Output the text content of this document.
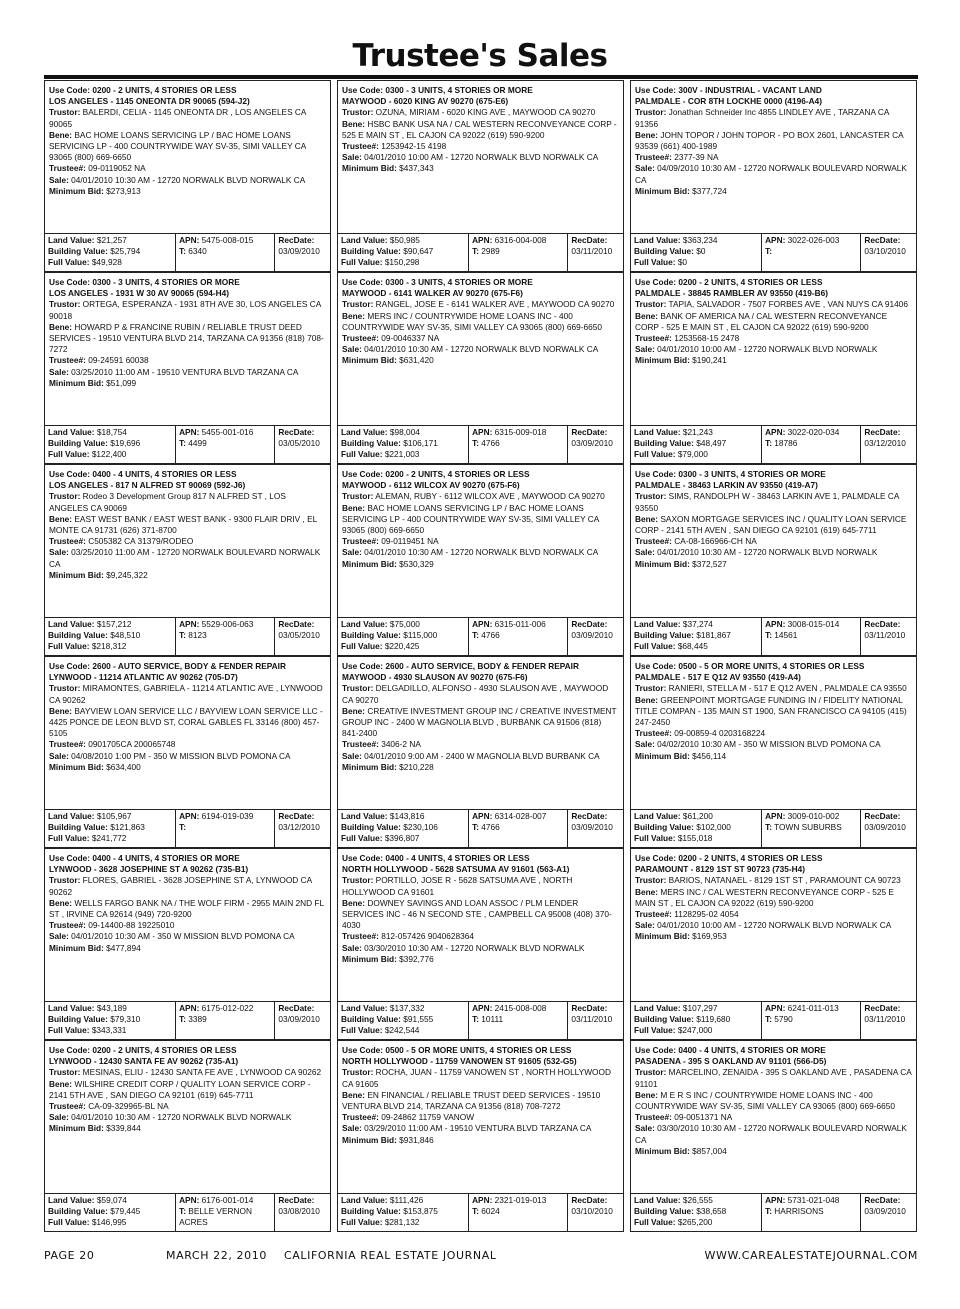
Trustee's Sales
Use Code: 0200 - 2 UNITS, 4 STORIES OR LESS
LOS ANGELES - 1145 ONEONTA DR 90065 (594-J2)
Trustor: BALERDI, CELIA - 1145 ONEONTA DR , LOS ANGELES CA 90065
Bene: BAC HOME LOANS SERVICING LP / BAC HOME LOANS SERVICING LP - 400 COUNTRYWIDE WAY SV-35, SIMI VALLEY CA 93065 (800) 669-6650
Trustee#: 09-0119052 NA
Sale: 04/01/2010 10:30 AM - 12720 NORWALK BLVD NORWALK CA
Minimum Bid: $273,913
Land Value: $21,257
Building Value: $25,794
Full Value: $49,928
APN: 5475-008-015
T: 6340
RecDate:
03/09/2010
Use Code: 0300 - 3 UNITS, 4 STORIES OR MORE
MAYWOOD - 6020 KING AV 90270 (675-E6)
Trustor: OZUNA, MIRIAM - 6020 KING AVE , MAYWOOD CA 90270
Bene: HSBC BANK USA NA / CAL WESTERN RECONVEYANCE CORP - 525 E MAIN ST , EL CAJON CA 92022 (619) 590-9200
Trustee#: 1253942-15 4198
Sale: 04/01/2010 10:00 AM - 12720 NORWALK BLVD NORWALK CA
Minimum Bid: $437,343
Land Value: $50,985
Building Value: $90,647
Full Value: $150,298
APN: 6316-004-008
T: 2989
RecDate:
03/11/2010
Use Code: 300V - INDUSTRIAL - VACANT LAND
PALMDALE - COR 8TH LOCKHE 0000 (4196-A4)
Trustor: Jonathan Schneider Inc 4855 LINDLEY AVE , TARZANA CA 91356
Bene: JOHN TOPOR / JOHN TOPOR - PO BOX 2601, LANCASTER CA 93539 (661) 400-1989
Trustee#: 2377-39 NA
Sale: 04/09/2010 10:30 AM - 12720 NORWALK BOULEVARD NORWALK CA
Minimum Bid: $377,724
Land Value: $363,234
Building Value: $0
Full Value: $0
APN: 3022-026-003
T:
RecDate:
03/10/2010
Use Code: 0300 - 3 UNITS, 4 STORIES OR MORE
LOS ANGELES - 1931 W 30 AV 90065 (594-H4)
Trustor: ORTEGA, ESPERANZA - 1931 8TH AVE 30, LOS ANGELES CA 90018
Bene: HOWARD P & FRANCINE RUBIN / RELIABLE TRUST DEED SERVICES - 19510 VENTURA BLVD 214, TARZANA CA 91356 (818) 708-7272
Trustee#: 09-24591 60038
Sale: 03/25/2010 11:00 AM - 19510 VENTURA BLVD TARZANA CA
Minimum Bid: $51,099
Land Value: $18,754
Building Value: $19,696
Full Value: $122,400
APN: 5455-001-016
T: 4499
RecDate:
03/05/2010
Use Code: 0300 - 3 UNITS, 4 STORIES OR MORE
MAYWOOD - 6141 WALKER AV 90270 (675-F6)
Trustor: RANGEL, JOSE E - 6141 WALKER AVE , MAYWOOD CA 90270
Bene: MERS INC / COUNTRYWIDE HOME LOANS INC - 400 COUNTRYWIDE WAY SV-35, SIMI VALLEY CA 93065 (800) 669-6650
Trustee#: 09-0046337 NA
Sale: 04/01/2010 10:30 AM - 12720 NORWALK BLVD NORWALK CA
Minimum Bid: $631,420
Land Value: $98,004
Building Value: $106,171
Full Value: $221,003
APN: 6315-009-018
T: 4766
RecDate:
03/09/2010
Use Code: 0200 - 2 UNITS, 4 STORIES OR LESS
PALMDALE - 38845 RAMBLER AV 93550 (419-B6)
Trustor: TAPIA, SALVADOR - 7507 FORBES AVE , VAN NUYS CA 91406
Bene: BANK OF AMERICA NA / CAL WESTERN RECONVEYANCE CORP - 525 E MAIN ST , EL CAJON CA 92022 (619) 590-9200
Trustee#: 1253568-15 2478
Sale: 04/01/2010 10:00 AM - 12720 NORWALK BLVD NORWALK
Minimum Bid: $190,241
Land Value: $21,243
Building Value: $48,497
Full Value: $79,000
APN: 3022-020-034
T: 18786
RecDate:
03/12/2010
Use Code: 0400 - 4 UNITS, 4 STORIES OR LESS
LOS ANGELES - 817 N ALFRED ST 90069 (592-J6)
Trustor: Rodeo 3 Development Group 817 N ALFRED ST , LOS ANGELES CA 90069
Bene: EAST WEST BANK / EAST WEST BANK - 9300 FLAIR DRIV , EL MONTE CA 91731 (626) 371-8700
Trustee#: C505382 CA 31379/RODEO
Sale: 03/25/2010 11:00 AM - 12720 NORWALK BOULEVARD NORWALK CA
Minimum Bid: $9,245,322
Land Value: $157,212
Building Value: $48,510
Full Value: $218,312
APN: 5529-006-063
T: 8123
RecDate:
03/05/2010
Use Code: 0200 - 2 UNITS, 4 STORIES OR LESS
MAYWOOD - 6112 WILCOX AV 90270 (675-F6)
Trustor: ALEMAN, RUBY - 6112 WILCOX AVE , MAYWOOD CA 90270
Bene: BAC HOME LOANS SERVICING LP / BAC HOME LOANS SERVICING LP - 400 COUNTRYWIDE WAY SV-35, SIMI VALLEY CA 93065 (800) 669-6650
Trustee#: 09-0119451 NA
Sale: 04/01/2010 10:30 AM - 12720 NORWALK BLVD NORWALK CA
Minimum Bid: $530,329
Land Value: $75,000
Building Value: $115,000
Full Value: $220,425
APN: 6315-011-006
T: 4766
RecDate:
03/09/2010
Use Code: 0300 - 3 UNITS, 4 STORIES OR MORE
PALMDALE - 38463 LARKIN AV 93550 (419-A7)
Trustor: SIMS, RANDOLPH W - 38463 LARKIN AVE 1, PALMDALE CA 93550
Bene: SAXON MORTGAGE SERVICES INC / QUALITY LOAN SERVICE CORP - 2141 5TH AVEN , SAN DIEGO CA 92101 (619) 645-7711
Trustee#: CA-08-166966-CH NA
Sale: 04/01/2010 10:30 AM - 12720 NORWALK BLVD NORWALK
Minimum Bid: $372,527
Land Value: $37,274
Building Value: $181,867
Full Value: $68,445
APN: 3008-015-014
T: 14561
RecDate:
03/11/2010
Use Code: 2600 - AUTO SERVICE, BODY & FENDER REPAIR
LYNWOOD - 11214 ATLANTIC AV 90262 (705-D7)
Trustor: MIRAMONTES, GABRIELA - 11214 ATLANTIC AVE , LYNWOOD CA 90262
Bene: BAYVIEW LOAN SERVICE LLC / BAYVIEW LOAN SERVICE LLC - 4425 PONCE DE LEON BLVD ST, CORAL GABLES FL 33146 (800) 457-5105
Trustee#: 0901705CA 200065748
Sale: 04/08/2010 1:00 PM - 350 W MISSION BLVD POMONA CA
Minimum Bid: $634,400
Land Value: $105,967
Building Value: $121,863
Full Value: $241,772
APN: 6194-019-039
T:
RecDate:
03/12/2010
Use Code: 2600 - AUTO SERVICE, BODY & FENDER REPAIR
MAYWOOD - 4930 SLAUSON AV 90270 (675-F6)
Trustor: DELGADILLO, ALFONSO - 4930 SLAUSON AVE , MAYWOOD CA 90270
Bene: CREATIVE INVESTMENT GROUP INC / CREATIVE INVESTMENT GROUP INC - 2400 W MAGNOLIA BLVD , BURBANK CA 91506 (818) 841-2400
Trustee#: 3406-2 NA
Sale: 04/01/2010 9:00 AM - 2400 W MAGNOLIA BLVD BURBANK CA
Minimum Bid: $210,228
Land Value: $143,816
Building Value: $230,106
Full Value: $396,807
APN: 6314-028-007
T: 4766
RecDate:
03/09/2010
Use Code: 0500 - 5 OR MORE UNITS, 4 STORIES OR LESS
PALMDALE - 517 E Q12 AV 93550 (419-A4)
Trustor: RANIERI, STELLA M - 517 E Q12 AVEN , PALMDALE CA 93550
Bene: GREENPOINT MORTGAGE FUNDING IN / FIDELITY NATIONAL TITLE COMPAN - 135 MAIN ST 1900, SAN FRANCISCO CA 94105 (415) 247-2450
Trustee#: 09-00859-4 0203168224
Sale: 04/02/2010 10:30 AM - 350 W MISSION BLVD POMONA CA
Minimum Bid: $456,114
Land Value: $61,200
Building Value: $102,000
Full Value: $155,018
APN: 3009-010-002
T: TOWN SUBURBS
RecDate:
03/09/2010
Use Code: 0400 - 4 UNITS, 4 STORIES OR MORE
LYNWOOD - 3628 JOSEPHINE ST A 90262 (735-B1)
Trustor: FLORES, GABRIEL - 3628 JOSEPHINE ST A, LYNWOOD CA 90262
Bene: WELLS FARGO BANK NA / THE WOLF FIRM - 2955 MAIN 2ND FL ST , IRVINE CA 92614 (949) 720-9200
Trustee#: 09-14400-88 19225010
Sale: 04/01/2010 10:30 AM - 350 W MISSION BLVD POMONA CA
Minimum Bid: $477,894
Land Value: $43,189
Building Value: $79,310
Full Value: $343,331
APN: 6175-012-022
T: 3389
RecDate:
03/09/2010
Use Code: 0400 - 4 UNITS, 4 STORIES OR LESS
NORTH HOLLYWOOD - 5628 SATSUMA AV 91601 (563-A1)
Trustor: PORTILLO, JOSE R - 5628 SATSUMA AVE , NORTH HOLLYWOOD CA 91601
Bene: DOWNEY SAVINGS AND LOAN ASSOC / PLM LENDER SERVICES INC - 46 N SECOND STE , CAMPBELL CA 95008 (408) 370-4030
Trustee#: 812-057426 9040628364
Sale: 03/30/2010 10:30 AM - 12720 NORWALK BLVD NORWALK
Minimum Bid: $392,776
Land Value: $137,332
Building Value: $91,555
Full Value: $242,544
APN: 2415-008-008
T: 10111
RecDate:
03/11/2010
Use Code: 0200 - 2 UNITS, 4 STORIES OR LESS
PARAMOUNT - 8129 1ST ST 90723 (735-H4)
Trustor: BARIOS, NATANAEL - 8129 1ST ST , PARAMOUNT CA 90723
Bene: MERS INC / CAL WESTERN RECONVEYANCE CORP - 525 E MAIN ST , EL CAJON CA 92022 (619) 590-9200
Trustee#: 1128295-02 4054
Sale: 04/01/2010 10:00 AM - 12720 NORWALK BLVD NORWALK CA
Minimum Bid: $169,953
Land Value: $107,297
Building Value: $119,680
Full Value: $247,000
APN: 6241-011-013
T: 5790
RecDate:
03/11/2010
Use Code: 0200 - 2 UNITS, 4 STORIES OR LESS
LYNWOOD - 12430 SANTA FE AV 90262 (735-A1)
Trustor: MESINAS, ELIU - 12430 SANTA FE AVE , LYNWOOD CA 90262
Bene: WILSHIRE CREDIT CORP / QUALITY LOAN SERVICE CORP - 2141 5TH AVE , SAN DIEGO CA 92101 (619) 645-7711
Trustee#: CA-09-329965-BL NA
Sale: 04/01/2010 10:30 AM - 12720 NORWALK BLVD NORWALK
Minimum Bid: $339,844
Land Value: $59,074
Building Value: $79,445
Full Value: $146,995
APN: 6176-001-014
T: BELLE VERNON ACRES
RecDate:
03/08/2010
Use Code: 0500 - 5 OR MORE UNITS, 4 STORIES OR LESS
NORTH HOLLYWOOD - 11759 VANOWEN ST 91605 (532-G5)
Trustor: ROCHA, JUAN - 11759 VANOWEN ST , NORTH HOLLYWOOD CA 91605
Bene: EN FINANCIAL / RELIABLE TRUST DEED SERVICES - 19510 VENTURA BLVD 214, TARZANA CA 91356 (818) 708-7272
Trustee#: 09-24862 11759 VANOW
Sale: 03/29/2010 11:00 AM - 19510 VENTURA BLVD TARZANA CA
Minimum Bid: $931,846
Land Value: $111,426
Building Value: $153,875
Full Value: $281,132
APN: 2321-019-013
T: 6024
RecDate:
03/10/2010
Use Code: 0400 - 4 UNITS, 4 STORIES OR MORE
PASADENA - 395 S OAKLAND AV 91101 (566-D5)
Trustor: MARCELINO, ZENAIDA - 395 S OAKLAND AVE , PASADENA CA 91101
Bene: M E R S INC / COUNTRYWIDE HOME LOANS INC - 400 COUNTRYWIDE WAY SV-35, SIMI VALLEY CA 93065 (800) 669-6650
Trustee#: 09-0051371 NA
Sale: 03/30/2010 10:30 AM - 12720 NORWALK BOULEVARD NORWALK CA
Minimum Bid: $857,004
Land Value: $26,555
Building Value: $38,658
Full Value: $265,200
APN: 5731-021-048
T: HARRISONS
RecDate:
03/09/2010
PAGE 20	MARCH 22, 2010 CALIFORNIA REAL ESTATE JOURNAL	WWW.CAREALESTATEJOURNAL.COM
